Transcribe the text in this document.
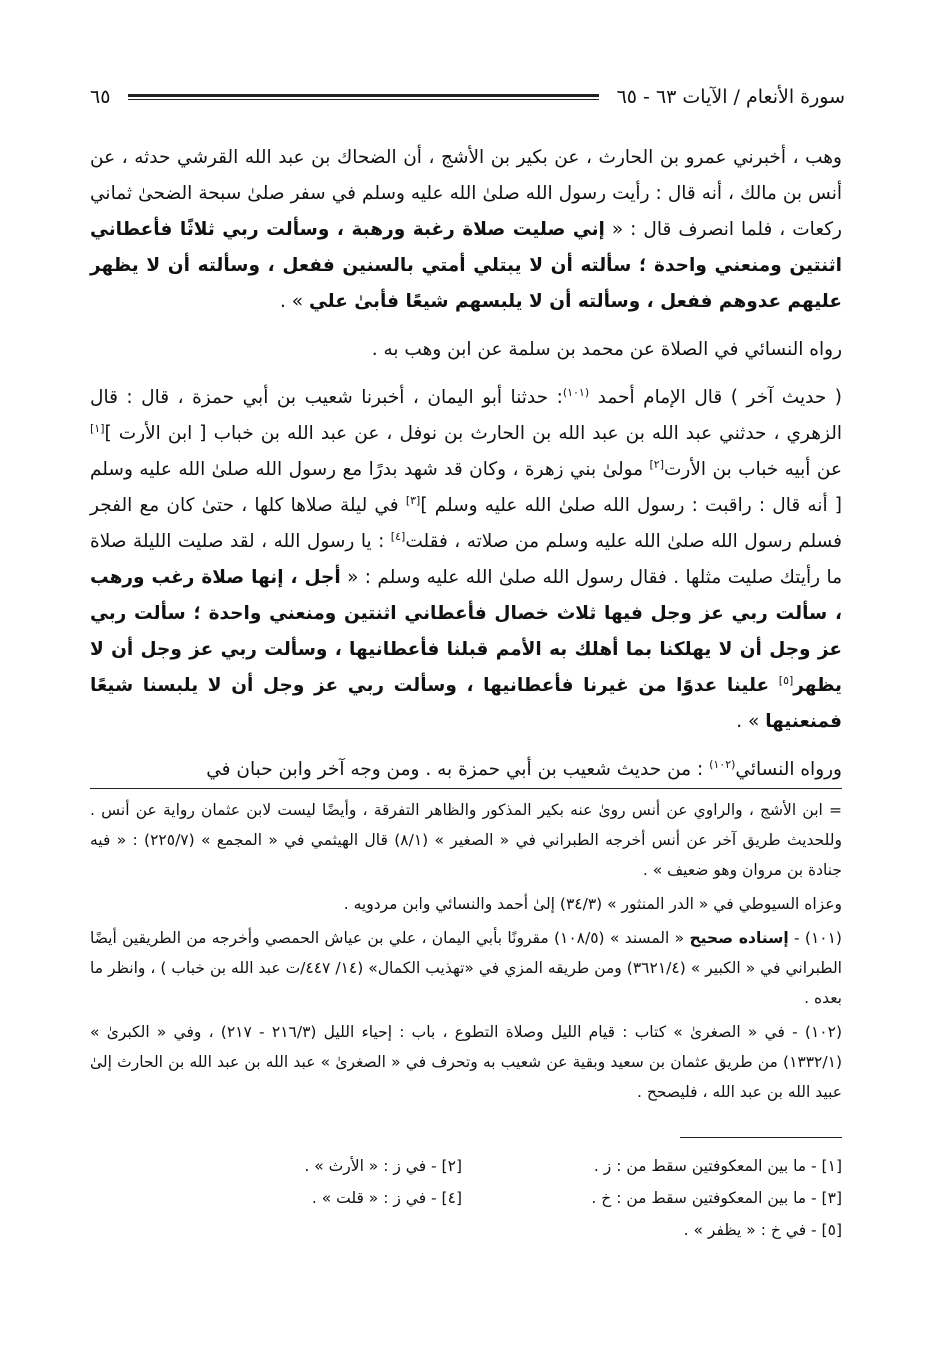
سورة الأنعام / الآيات ٦٣ - ٦٥
٦٥

وهب ، أخبرني عمرو بن الحارث ، عن بكير بن الأشج ، أن الضحاك بن عبد الله القرشي حدثه ، عن أنس بن مالك ، أنه قال : رأيت رسول الله صلىٰ الله عليه وسلم في سفر صلىٰ سبحة الضحىٰ ثماني ركعات ، فلما انصرف قال : « إني صليت صلاة رغبة ورهبة ، وسألت ربي ثلاثًا فأعطاني اثنتين ومنعني واحدة ؛ سألته أن لا يبتلي أمتي بالسنين ففعل ، وسألته أن لا يظهر عليهم عدوهم ففعل ، وسألته أن لا يلبسهم شيعًا فأبىٰ علي » .

رواه النسائي في الصلاة عن محمد بن سلمة عن ابن وهب به .

( حديث آخر ) قال الإمام أحمد $^{(١٠١)}$: حدثنا أبو اليمان ، أخبرنا شعيب بن أبي حمزة ، قال : قال الزهري ، حدثني عبد الله بن عبد الله بن الحارث بن نوفل ، عن عبد الله بن خباب [ ابن الأرت ][١] عن أبيه خباب بن الأرت[٢] مولىٰ بني زهرة ، وكان قد شهد بدرًا مع رسول الله صلىٰ الله عليه وسلم [ أنه قال : راقبت : رسول الله صلىٰ الله عليه وسلم ][٣] في ليلة صلاها كلها ، حتىٰ كان مع الفجر فسلم رسول الله صلىٰ الله عليه وسلم من صلاته ، فقلت[٤] : يا رسول الله ، لقد صليت الليلة صلاة ما رأيتك صليت مثلها . فقال رسول الله صلىٰ الله عليه وسلم : « أجل ، إنها صلاة رغب ورهب ، سألت ربي عز وجل فيها ثلاث خصال فأعطاني اثنتين ومنعني واحدة ؛ سألت ربي عز وجل أن لا يهلكنا بما أهلك به الأمم قبلنا فأعطانيها ، وسألت ربي عز وجل أن لا يظهر[٥] علينا عدوًا من غيرنا فأعطانيها ، وسألت ربي عز وجل أن لا يلبسنا شيعًا فمنعنيها » .

ورواه النسائي$^{(١٠٢)}$ : من حديث شعيب بن أبي حمزة به . ومن وجه آخر وابن حبان في

= ابن الأشج ، والراوي عن أنس روىٰ عنه بكير المذكور والظاهر التفرقة ، وأيضًا ليست لابن عثمان رواية عن أنس . وللحديث طريق آخر عن أنس أخرجه الطبراني في « الصغير » (٨/١) قال الهيثمي في « المجمع » (٢٢٥/٧) : « فيه جنادة بن مروان وهو ضعيف » .

وعزاه السيوطي في « الدر المنثور » (٣٤/٣) إلىٰ أحمد والنسائي وابن مردويه .

(١٠١) - إسناده صحيح « المسند » (١٠٨/٥) مقرونًا بأبي اليمان ، علي بن عياش الحمصي وأخرجه من الطريقين أيضًا الطبراني في « الكبير » (٣٦٢١/٤) ومن طريقه المزي في «تهذيب الكمال» (١٤/ ٤٤٧/ت عبد الله بن خباب ) ، وانظر ما بعده .

(١٠٢) - في « الصغرىٰ » كتاب : قيام الليل وصلاة التطوع ، باب : إحياء الليل (٢١٦/٣ - ٢١٧) ، وفي « الكبرىٰ » (١٣٣٢/١) من طريق عثمان بن سعيد وبقية عن شعيب به وتحرف في « الصغرىٰ » عبد الله بن عبد الله بن الحارث إلىٰ عبيد الله بن عبد الله ، فليصحح .

[١] - ما بين المعكوفتين سقط من : ز .
[٢] - في ز : « الأرث » .
[٣] - ما بين المعكوفتين سقط من : خ .
[٤] - في ز : « قلت » .
[٥] - في خ : « يظفر » .
